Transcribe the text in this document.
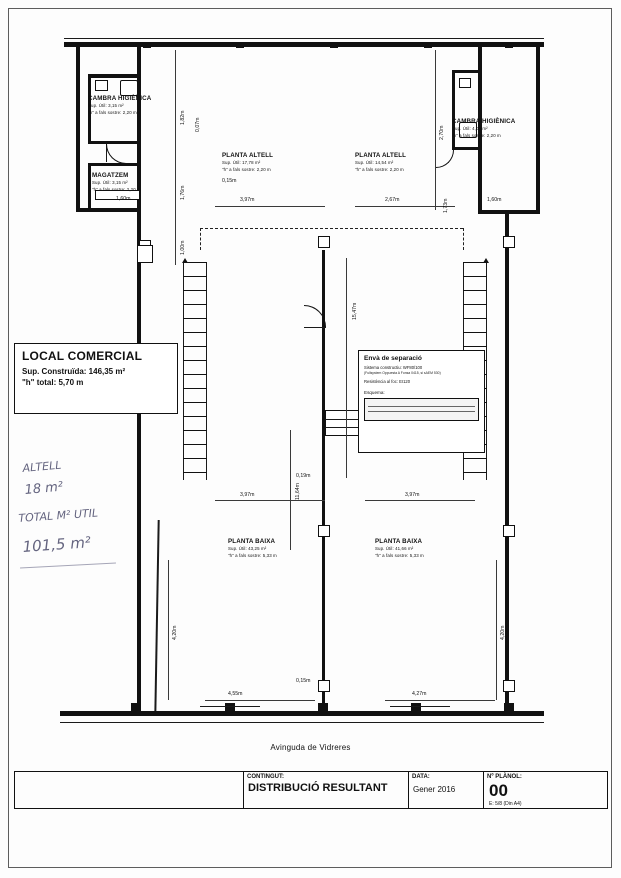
CAMBRA HIGIÈNICA
Sup. Útil: 3,15 m²
"h" a fals sostre: 2,20 m
MAGATZEM
Sup. Útil: 3,15 m²
"h" a fals sostre: 2,20 m
CAMBRA HIGIÈNICA
Sup. Útil: 4,00 m²
"h" a fals sostre: 2,20 m
PLANTA ALTELL
Sup. Útil: 17,78 m²
"h" a fals sostre: 2,20 m
PLANTA ALTELL
Sup. Útil: 14,54 m²
"h" a fals sostre: 2,20 m
PLANTA BAIXA
Sup. Útil: 43,25 m²
"h" a fals sostre: 5,33 m
PLANTA BAIXA
Sup. Útil: 41,66 m²
"h" a fals sostre: 5,33 m
1,82m 0,07m
2,70m
1,76m
1,60m
0,15m
3,97m	2,67m	1,73m	1,60m
1,00m
15,47m
11,64m
0,19m
3,97m	3,97m
4,20m	4,20m
0,15m
4,55m	4,27m
LOCAL COMERCIAL
Sup. Construïda: 146,35 m²
"h" total: 5,70 m
Envà de separació
Sistema constructiu: WF80/100
(Fullsystem Oppuesta A Fonsa 0415, si sAEM 530)
Resistència al foc: EI120
Esquema:
ALTELL
18 m²
TOTAL M² UTIL
101,5 m²
Avinguda de Vidreres
CONTINGUT:
DISTRIBUCIÓ RESULTANT
DATA:
Gener 2016
Nº PLÀNOL:
00
E: 5/8 (Din A4)
